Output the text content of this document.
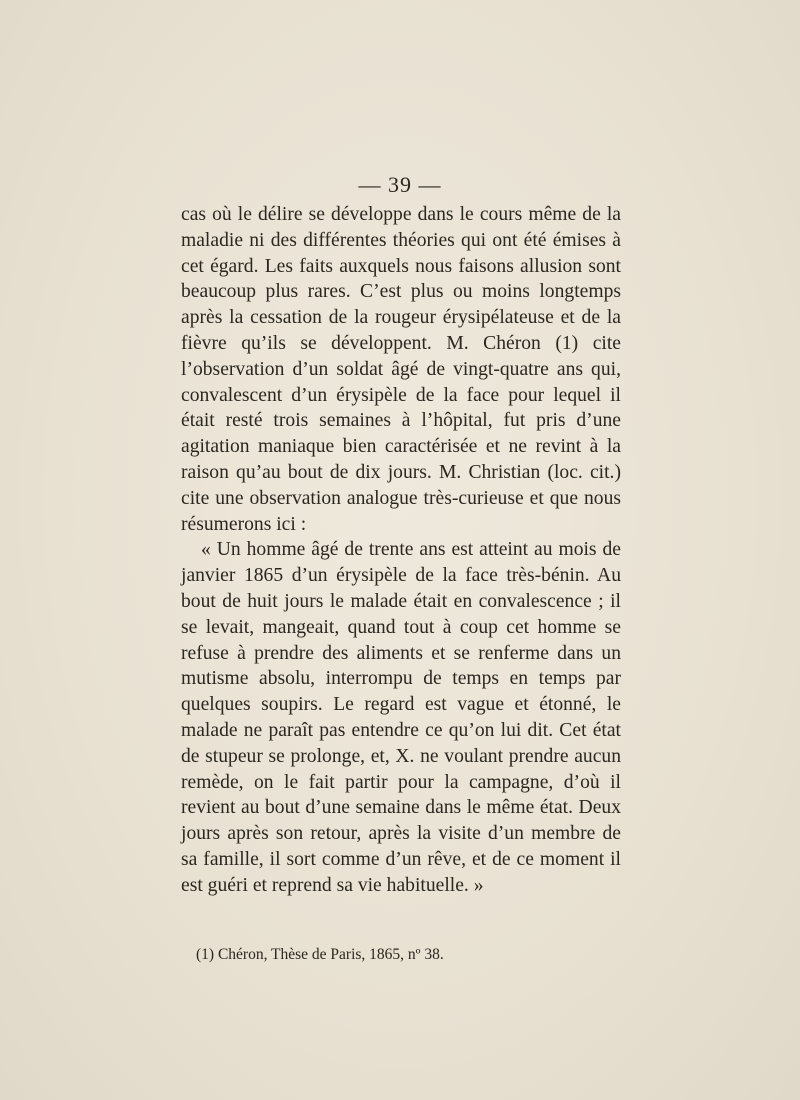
— 39 —

cas où le délire se développe dans le cours même de la maladie ni des différentes théories qui ont été émises à cet égard. Les faits auxquels nous faisons allusion sont beaucoup plus rares. C’est plus ou moins longtemps après la cessation de la rougeur érysipélateuse et de la fièvre qu’ils se développent. M. Chéron (1) cite l’observation d’un soldat âgé de vingt-quatre ans qui, convalescent d’un érysipèle de la face pour lequel il était resté trois semaines à l’hôpital, fut pris d’une agitation maniaque bien caractérisée et ne revint à la raison qu’au bout de dix jours. M. Christian (loc. cit.) cite une observation analogue très-curieuse et que nous résumerons ici :

« Un homme âgé de trente ans est atteint au mois de janvier 1865 d’un érysipèle de la face très-bénin. Au bout de huit jours le malade était en convalescence ; il se levait, mangeait, quand tout à coup cet homme se refuse à prendre des aliments et se renferme dans un mutisme absolu, interrompu de temps en temps par quelques soupirs. Le regard est vague et étonné, le malade ne paraît pas entendre ce qu’on lui dit. Cet état de stupeur se prolonge, et, X. ne voulant prendre aucun remède, on le fait partir pour la campagne, d’où il revient au bout d’une semaine dans le même état. Deux jours après son retour, après la visite d’un membre de sa famille, il sort comme d’un rêve, et de ce moment il est guéri et reprend sa vie habituelle. »

(1) Chéron, Thèse de Paris, 1865, nº 38.
